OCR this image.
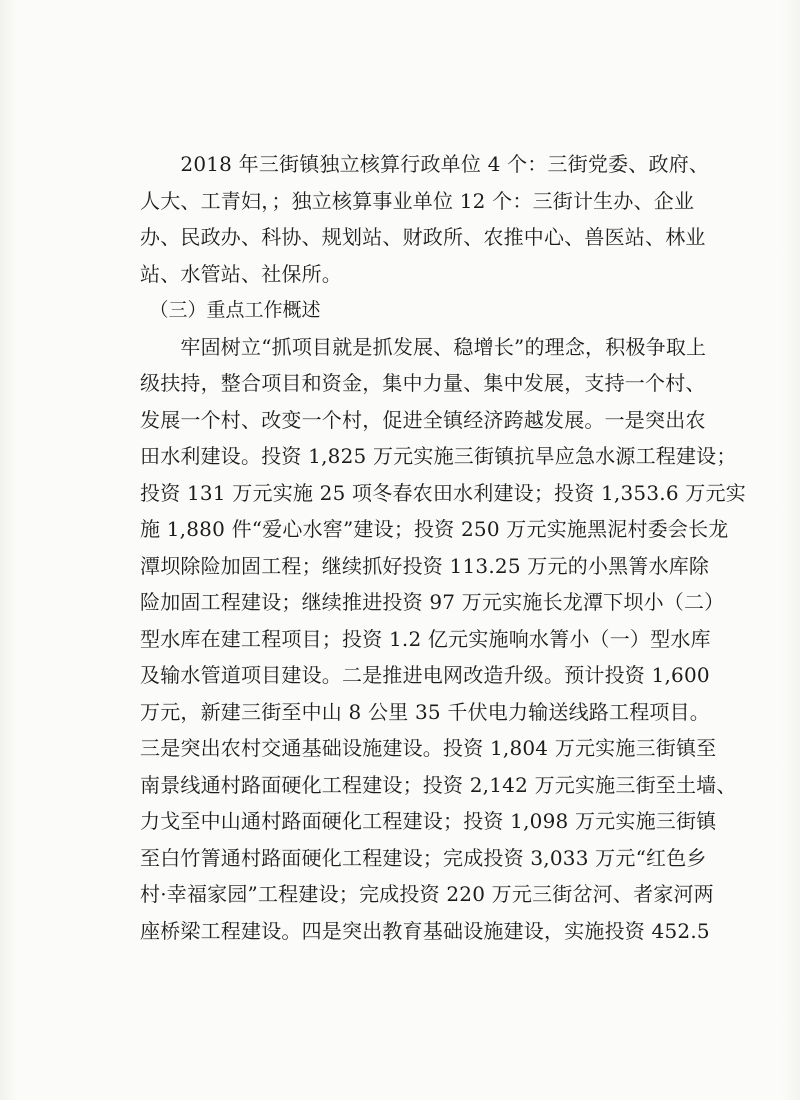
　　2018 年三街镇独立核算行政单位 4 个：三街党委、政府、
人大、工青妇，；独立核算事业单位 12 个：三街计生办、企业
办、民政办、科协、规划站、财政所、农推中心、兽医站、林业
站、水管站、社保所。

　（三）重点工作概述

　　牢固树立“抓项目就是抓发展、稳增长”的理念，积极争取上
级扶持，整合项目和资金，集中力量、集中发展，支持一个村、
发展一个村、改变一个村，促进全镇经济跨越发展。一是突出农
田水利建设。投资 1,825 万元实施三街镇抗旱应急水源工程建设；
投资 131 万元实施 25 项冬春农田水利建设；投资 1,353.6 万元实
施 1,880 件“爱心水窖”建设；投资 250 万元实施黑泥村委会长龙
潭坝除险加固工程；继续抓好投资 113.25 万元的小黑箐水库除
险加固工程建设；继续推进投资 97 万元实施长龙潭下坝小（二）
型水库在建工程项目；投资 1.2 亿元实施响水箐小（一）型水库
及输水管道项目建设。二是推进电网改造升级。预计投资 1,600
万元，新建三街至中山 8 公里 35 千伏电力输送线路工程项目。
三是突出农村交通基础设施建设。投资 1,804 万元实施三街镇至
南景线通村路面硬化工程建设；投资 2,142 万元实施三街至土墙、
力戈至中山通村路面硬化工程建设；投资 1,098 万元实施三街镇
至白竹箐通村路面硬化工程建设；完成投资 3,033 万元“红色乡
村·幸福家园”工程建设；完成投资 220 万元三街岔河、者家河两
座桥梁工程建设。四是突出教育基础设施建设，实施投资 452.5
